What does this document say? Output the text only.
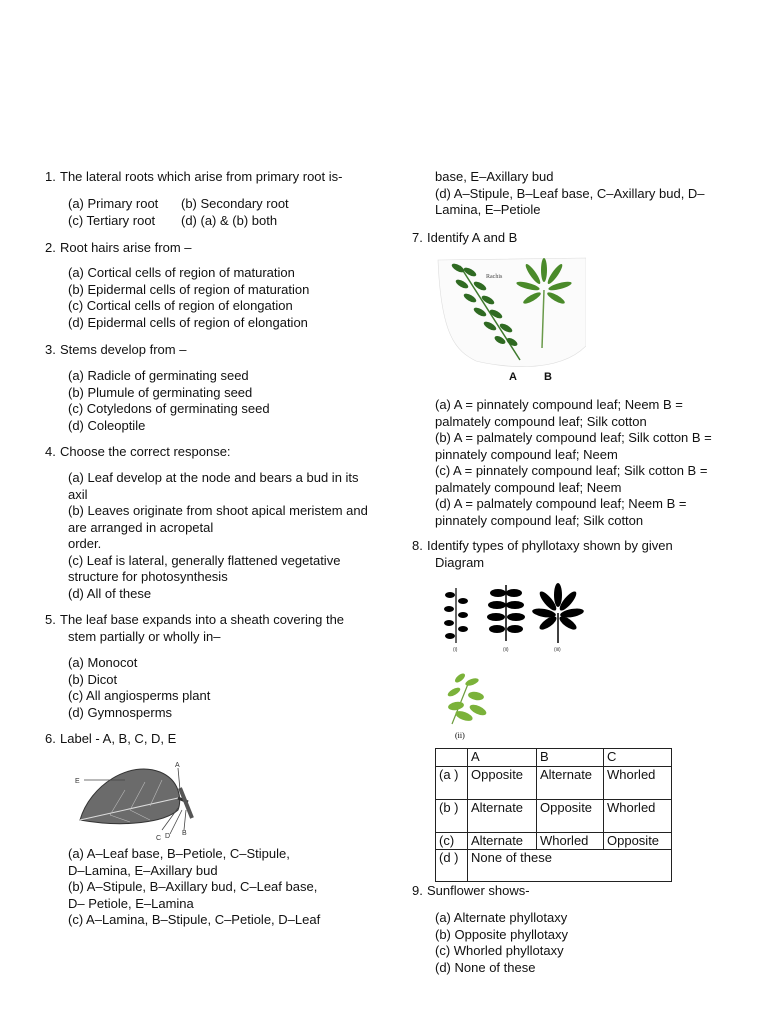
1. The lateral roots which arise from primary root is-
(a) Primary root	(b) Secondary root
(c) Tertiary root	(d) (a) & (b) both
2. Root hairs arise from –
(a) Cortical cells of region of maturation
(b) Epidermal cells of region of maturation
(c) Cortical cells of region of elongation
(d) Epidermal cells of region of elongation
3. Stems develop from –
(a) Radicle of germinating seed
(b) Plumule of germinating seed
(c) Cotyledons of germinating seed
(d) Coleoptile
4. Choose the correct response:
(a) Leaf develop at the node and bears a bud in its axil
(b) Leaves originate from shoot apical meristem and are arranged in acropetal
order.
(c) Leaf is lateral, generally flattened vegetative structure for photosynthesis
(d) All of these
5. The leaf base expands into a sheath covering the
stem partially or wholly in–
(a) Monocot
(b) Dicot
(c) All angiosperms plant
(d) Gymnosperms
6. Label - A, B, C, D, E
E
A
D B
C
(a) A–Leaf base, B–Petiole, C–Stipule,
D–Lamina, E–Axillary bud
(b) A–Stipule, B–Axillary bud, C–Leaf base,
D– Petiole, E–Lamina
(c) A–Lamina, B–Stipule, C–Petiole, D–Leaf
base, E–Axillary bud
(d) A–Stipule, B–Leaf base, C–Axillary bud, D–
Lamina, E–Petiole
7. Identify A and B
Rachis
A B
(a) A = pinnately compound leaf; Neem B =
palmately compound leaf; Silk cotton
(b) A = palmately compound leaf; Silk cotton B =
pinnately compound leaf; Neem
(c) A = pinnately compound leaf; Silk cotton B =
palmately compound leaf; Neem
(d) A = palmately compound leaf; Neem B =
pinnately compound leaf; Silk cotton
8. Identify types of phyllotaxy shown by given
Diagram
(i)	(ii)	(iii)
(ii)
	A	B	C
(a )	Opposite	Alternate	Whorled
(b )	Alternate	Opposite	Whorled
(c)	Alternate	Whorled	Opposite
(d )	None of these		
9. Sunflower shows-
(a) Alternate phyllotaxy
(b) Opposite phyllotaxy
(c) Whorled phyllotaxy
(d) None of these
